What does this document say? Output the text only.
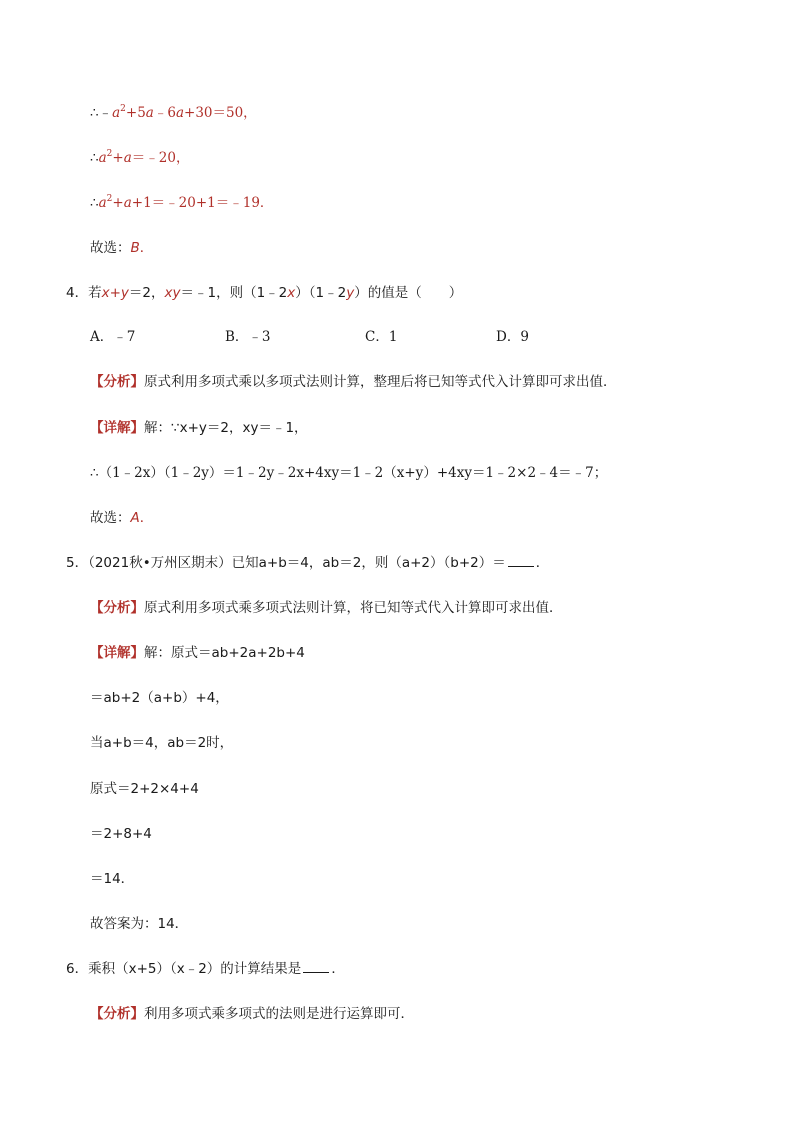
$\therefore﹣a^2+5a﹣6a+30=50$，
$\therefore a^2+a=﹣20$，
$\therefore a^2+a+1=﹣20+1=﹣19$．
故选：B．
4．若x+y＝2，xy＝﹣1，则（1﹣2x）（1﹣2y）的值是（　　）
A．﹣7	B．﹣3	C．1	D．9
【分析】原式利用多项式乘以多项式法则计算，整理后将已知等式代入计算即可求出值．
【详解】解：∵x+y＝2，xy＝﹣1，
∴（1﹣2x）（1﹣2y）＝1﹣2y﹣2x+4xy＝1﹣2（x+y）+4xy＝1﹣2×2﹣4＝﹣7；
故选：A．
5．（2021秋•万州区期末）已知a+b＝4，ab＝2，则（a+2）（b+2）＝ ．
【分析】原式利用多项式乘多项式法则计算，将已知等式代入计算即可求出值．
【详解】解：原式＝ab+2a+2b+4
＝ab+2（a+b）+4，
当a+b＝4，ab＝2时，
原式＝2+2×4+4
＝2+8+4
＝14．
故答案为：14．
6．乘积（x+5）（x﹣2）的计算结果是 ．
【分析】利用多项式乘多项式的法则是进行运算即可．
